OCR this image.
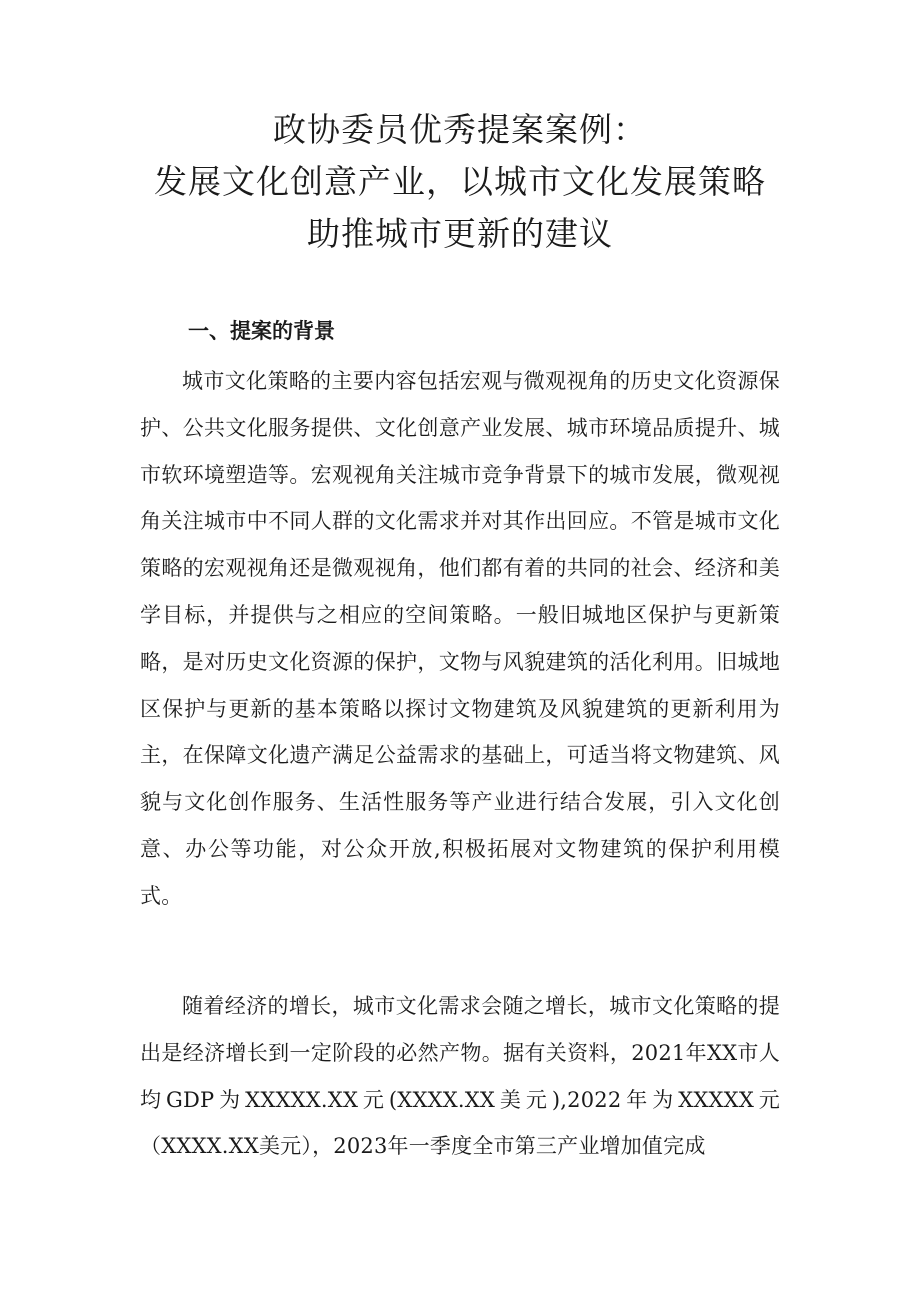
政协委员优秀提案案例：
发展文化创意产业，以城市文化发展策略
助推城市更新的建议
一、提案的背景

城市文化策略的主要内容包括宏观与微观视角的历史文化资源保护、公共文化服务提供、文化创意产业发展、城市环境品质提升、城市软环境塑造等。宏观视角关注城市竞争背景下的城市发展，微观视角关注城市中不同人群的文化需求并对其作出回应。不管是城市文化策略的宏观视角还是微观视角，他们都有着的共同的社会、经济和美学目标，并提供与之相应的空间策略。一般旧城地区保护与更新策略，是对历史文化资源的保护，文物与风貌建筑的活化利用。旧城地区保护与更新的基本策略以探讨文物建筑及风貌建筑的更新利用为主，在保障文化遗产满足公益需求的基础上，可适当将文物建筑、风貌与文化创作服务、生活性服务等产业进行结合发展，引入文化创意、办公等功能，对公众开放,积极拓展对文物建筑的保护利用模式。

随着经济的增长，城市文化需求会随之增长，城市文化策略的提出是经济增长到一定阶段的必然产物。据有关资料，2021年XX市人均GDP为XXXXX.XX元(XXXX.XX美元),2022年为XXXXX元（XXXX.XX美元），2023年一季度全市第三产业增加值完成
